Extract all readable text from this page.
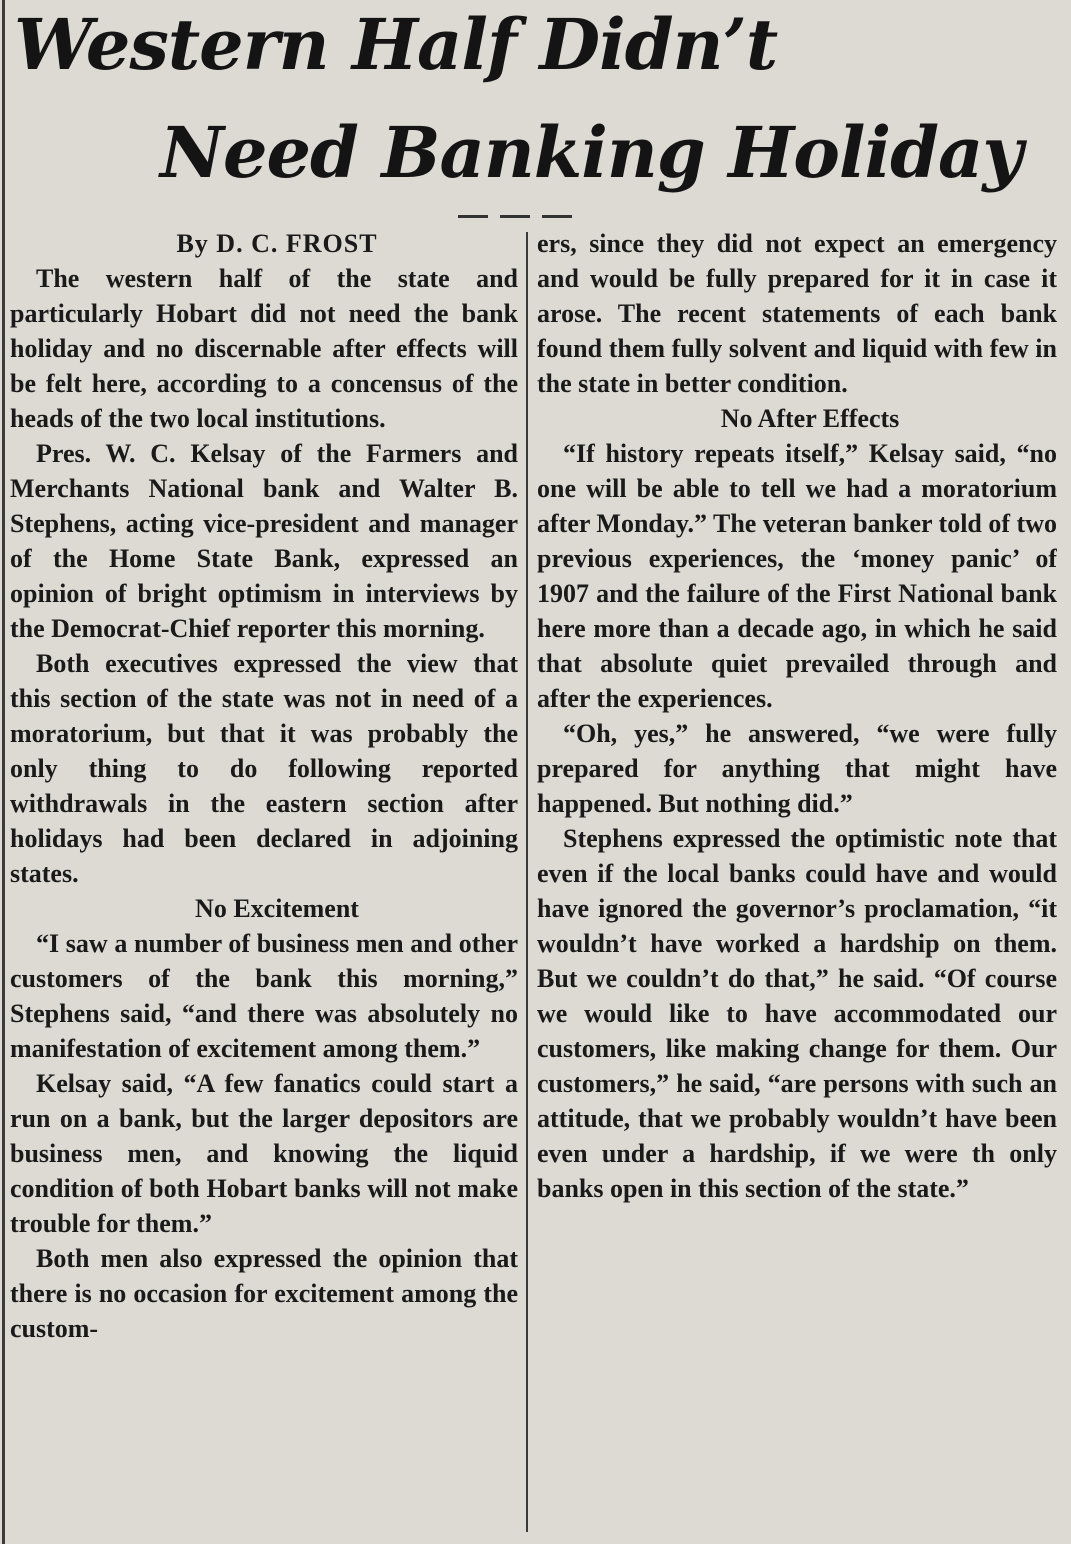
Western Half Didn’t
Need Banking Holiday

By D. C. FROST

The western half of the state and particularly Hobart did not need the bank holiday and no discernable after effects will be felt here, according to a concensus of the heads of the two local institutions.

Pres. W. C. Kelsay of the Farmers and Merchants National bank and Walter B. Stephens, acting vice-president and manager of the Home State Bank, expressed an opinion of bright optimism in interviews by the Democrat-Chief reporter this morning.

Both executives expressed the view that this section of the state was not in need of a moratorium, but that it was probably the only thing to do following reported withdrawals in the eastern section after holidays had been declared in adjoining states.

No Excitement

“I saw a number of business men and other customers of the bank this morning,” Stephens said, “and there was absolutely no manifestation of excitement among them.”

Kelsay said, “A few fanatics could start a run on a bank, but the larger depositors are business men, and knowing the liquid condition of both Hobart banks will not make trouble for them.”

Both men also expressed the opinion that there is no occasion for excitement among the custom-

ers, since they did not expect an emergency and would be fully prepared for it in case it arose. The recent statements of each bank found them fully solvent and liquid with few in the state in better condition.

No After Effects

“If history repeats itself,” Kelsay said, “no one will be able to tell we had a moratorium after Monday.” The veteran banker told of two previous experiences, the ‘money panic’ of 1907 and the failure of the First National bank here more than a decade ago, in which he said that absolute quiet prevailed through and after the experiences.

“Oh, yes,” he answered, “we were fully prepared for anything that might have happened. But nothing did.”

Stephens expressed the optimistic note that even if the local banks could have and would have ignored the governor’s proclamation, “it wouldn’t have worked a hardship on them. But we couldn’t do that,” he said. “Of course we would like to have accommodated our customers, like making change for them. Our customers,” he said, “are persons with such an attitude, that we probably wouldn’t have been even under a hardship, if we were th only banks open in this section of the state.”
